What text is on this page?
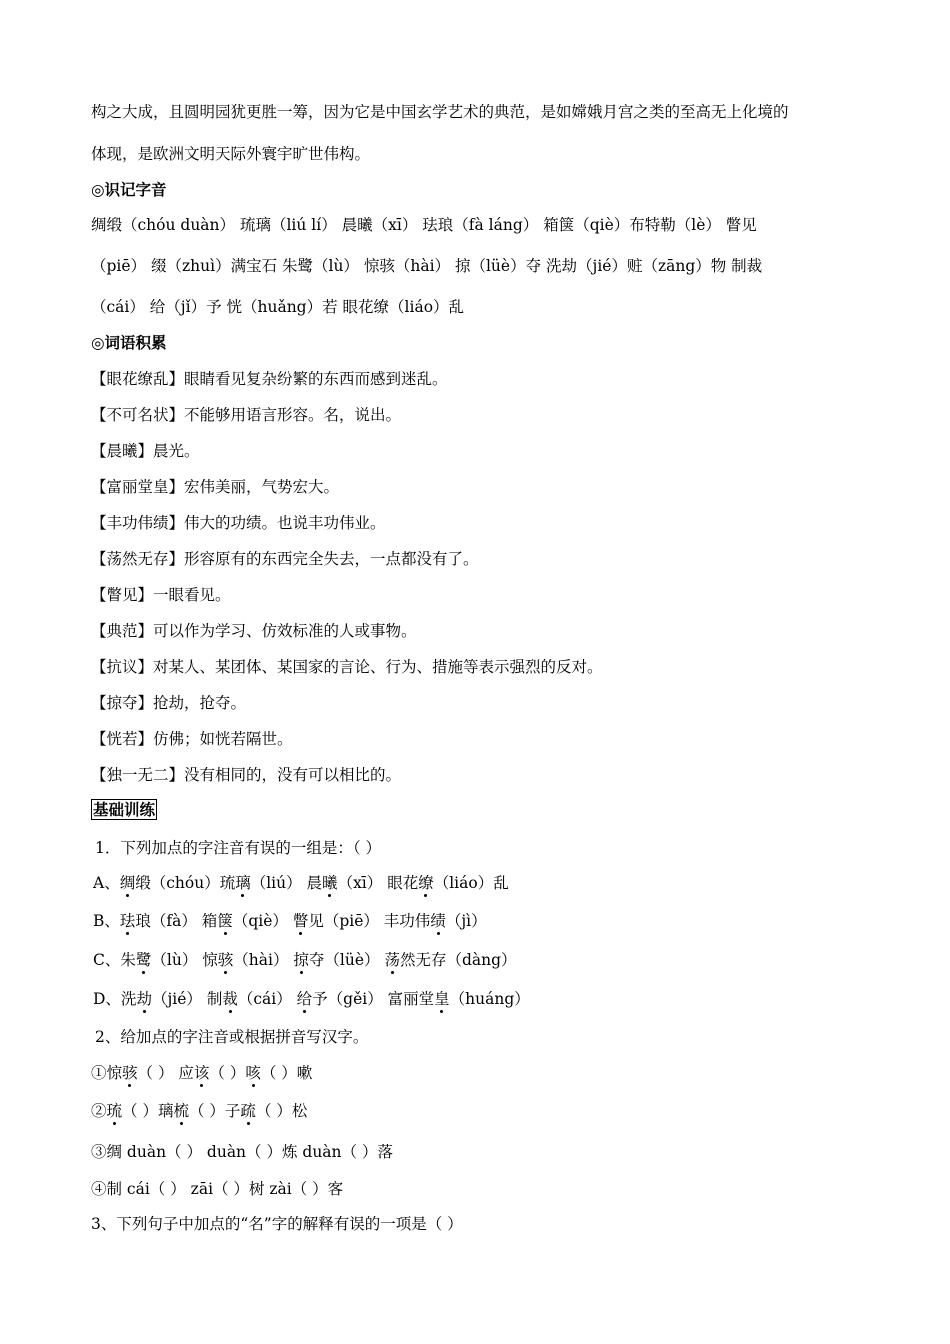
构之大成，且圆明园犹更胜一筹，因为它是中国玄学艺术的典范，是如嫦娥月宫之类的至高无上化境的
体现，是欧洲文明天际外寰宇旷世伟构。
◎识记字音
绸缎（chóu duàn） 琉璃（liú lí） 晨曦（xī） 珐琅（fà láng） 箱箧（qiè）布特勒（lè） 瞥见
（piē） 缀（zhuì）满宝石 朱鹭（lù） 惊骇（hài） 掠（lüè）夺 洗劫（jié）赃（zāng）物 制裁
（cái） 给（jǐ）予 恍（huǎng）若 眼花缭（liáo）乱
◎词语积累
【眼花缭乱】眼睛看见复杂纷繁的东西而感到迷乱。
【不可名状】不能够用语言形容。名，说出。
【晨曦】晨光。
【富丽堂皇】宏伟美丽，气势宏大。
【丰功伟绩】伟大的功绩。也说丰功伟业。
【荡然无存】形容原有的东西完全失去，一点都没有了。
【瞥见】一眼看见。
【典范】可以作为学习、仿效标准的人或事物。
【抗议】对某人、某团体、某国家的言论、行为、措施等表示强烈的反对。
【掠夺】抢劫，抢夺。
【恍若】仿佛；如恍若隔世。
【独一无二】没有相同的，没有可以相比的。
基础训练
1．下列加点的字注音有误的一组是：（ ）
A、绸缎（chóu）琉璃（liú） 晨曦（xī） 眼花缭（liáo）乱
B、珐琅（fà） 箱箧（qiè） 瞥见（piē） 丰功伟绩（jì）
C、朱鹭（lù） 惊骇（hài） 掠夺（lüè） 荡然无存（dàng）
D、洗劫（jié） 制裁（cái） 给予（gěi） 富丽堂皇（huáng）
2、给加点的字注音或根据拼音写汉字。
①惊骇（ ） 应该（ ）咳（ ）嗽
②琉（ ）璃梳（ ）子疏（ ）松
③绸 duàn（ ） duàn（ ）炼 duàn（ ）落
④制 cái（ ） zāi（ ）树 zài（ ）客
3、下列句子中加点的“名”字的解释有误的一项是（ ）
